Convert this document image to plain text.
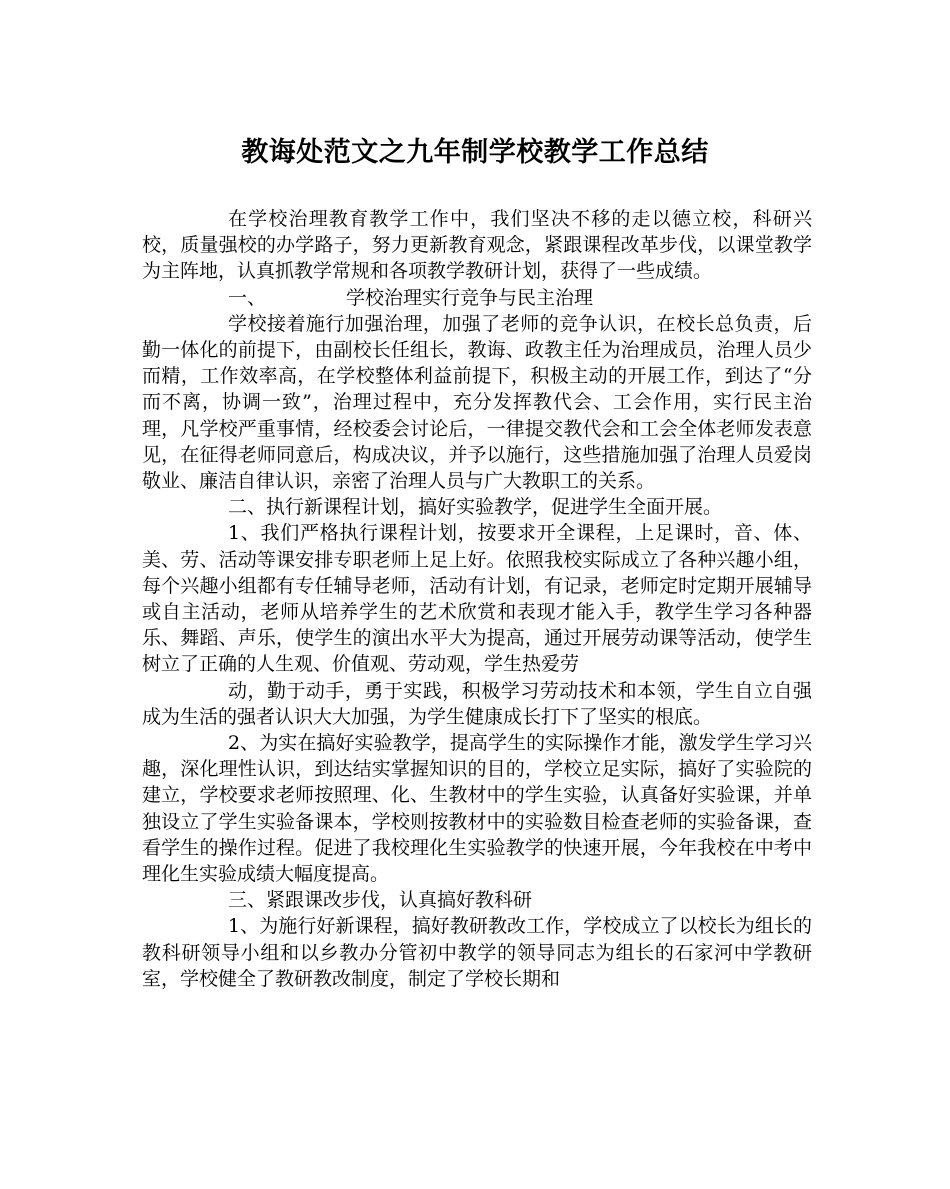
教诲处范文之九年制学校教学工作总结

在学校治理教育教学工作中，我们坚决不移的走以德立校，科研兴校，质量强校的办学路子，努力更新教育观念，紧跟课程改革步伐，以课堂教学为主阵地，认真抓教学常规和各项教学教研计划，获得了一些成绩。

一、	学校治理实行竞争与民主治理

学校接着施行加强治理，加强了老师的竞争认识，在校长总负责，后勤一体化的前提下，由副校长任组长，教诲、政教主任为治理成员，治理人员少而精，工作效率高，在学校整体利益前提下，积极主动的开展工作，到达了“分而不离，协调一致”，治理过程中，充分发挥教代会、工会作用，实行民主治理，凡学校严重事情，经校委会讨论后，一律提交教代会和工会全体老师发表意见，在征得老师同意后，构成决议，并予以施行，这些措施加强了治理人员爱岗敬业、廉洁自律认识，亲密了治理人员与广大教职工的关系。

二、执行新课程计划，搞好实验教学，促进学生全面开展。

1、我们严格执行课程计划，按要求开全课程，上足课时，音、体、美、劳、活动等课安排专职老师上足上好。依照我校实际成立了各种兴趣小组，每个兴趣小组都有专任辅导老师，活动有计划，有记录，老师定时定期开展辅导或自主活动，老师从培养学生的艺术欣赏和表现才能入手，教学生学习各种器乐、舞蹈、声乐，使学生的演出水平大为提高，通过开展劳动课等活动，使学生树立了正确的人生观、价值观、劳动观，学生热爱劳

动，勤于动手，勇于实践，积极学习劳动技术和本领，学生自立自强成为生活的强者认识大大加强，为学生健康成长打下了坚实的根底。

2、为实在搞好实验教学，提高学生的实际操作才能，激发学生学习兴趣，深化理性认识，到达结实掌握知识的目的，学校立足实际，搞好了实验院的建立，学校要求老师按照理、化、生教材中的学生实验，认真备好实验课，并单独设立了学生实验备课本，学校则按教材中的实验数目检查老师的实验备课，查看学生的操作过程。促进了我校理化生实验教学的快速开展，今年我校在中考中理化生实验成绩大幅度提高。

三、紧跟课改步伐，认真搞好教科研

1、为施行好新课程，搞好教研教改工作，学校成立了以校长为组长的教科研领导小组和以乡教办分管初中教学的领导同志为组长的石家河中学教研室，学校健全了教研教改制度，制定了学校长期和
